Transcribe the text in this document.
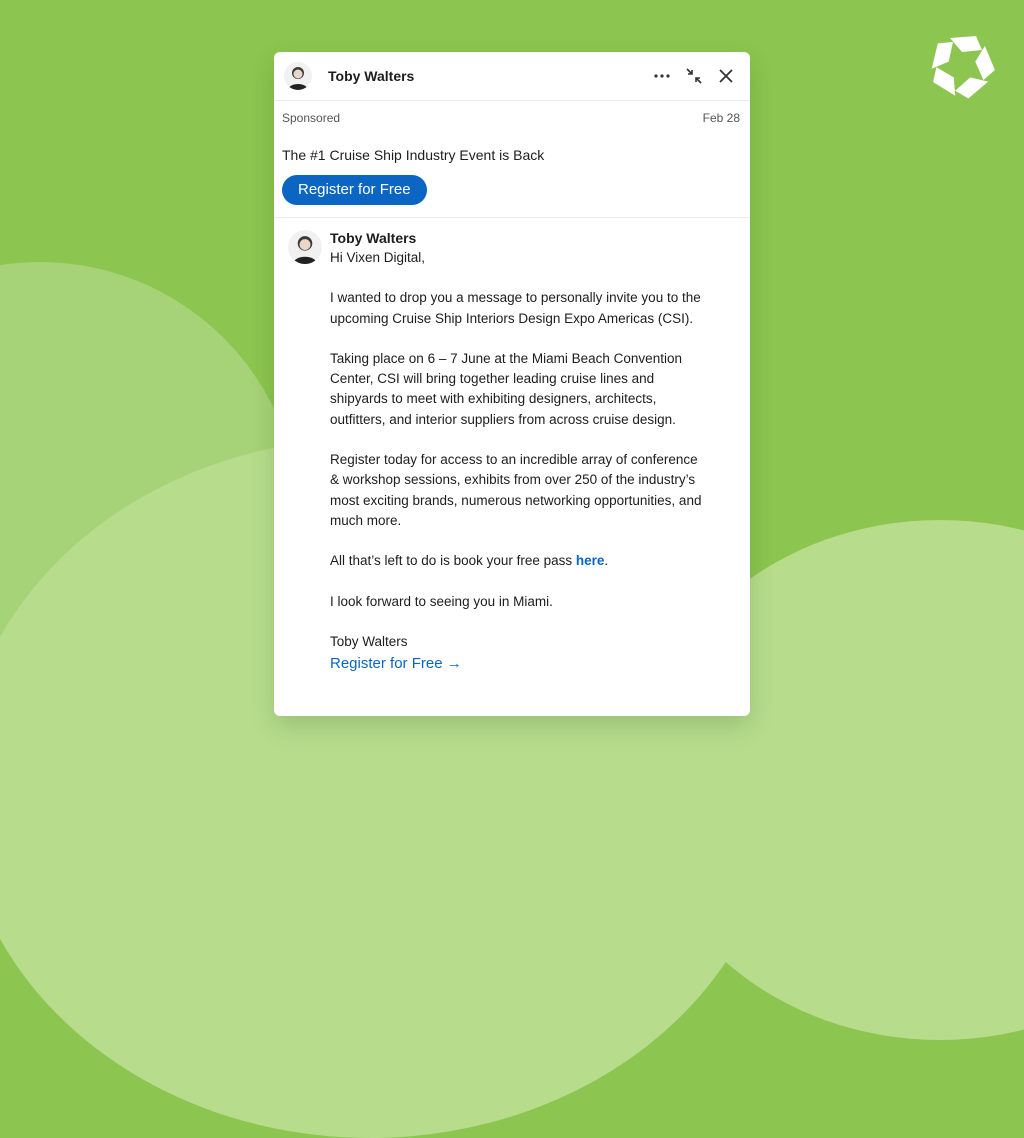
Toby Walters
Sponsored	Feb 28
The #1 Cruise Ship Industry Event is Back
Register for Free
Toby Walters

Hi Vixen Digital,

I wanted to drop you a message to personally invite you to the

upcoming Cruise Ship Interiors Design Expo Americas (CSI).

Taking place on 6 – 7 June at the Miami Beach Convention

Center, CSI will bring together leading cruise lines and

shipyards to meet with exhibiting designers, architects,

outfitters, and interior suppliers from across cruise design.

Register today for access to an incredible array of conference

& workshop sessions, exhibits from over 250 of the industry’s

most exciting brands, numerous networking opportunities, and

much more.

All that’s left to do is book your free pass here.

I look forward to seeing you in Miami.

Toby Walters

Register for Free →
